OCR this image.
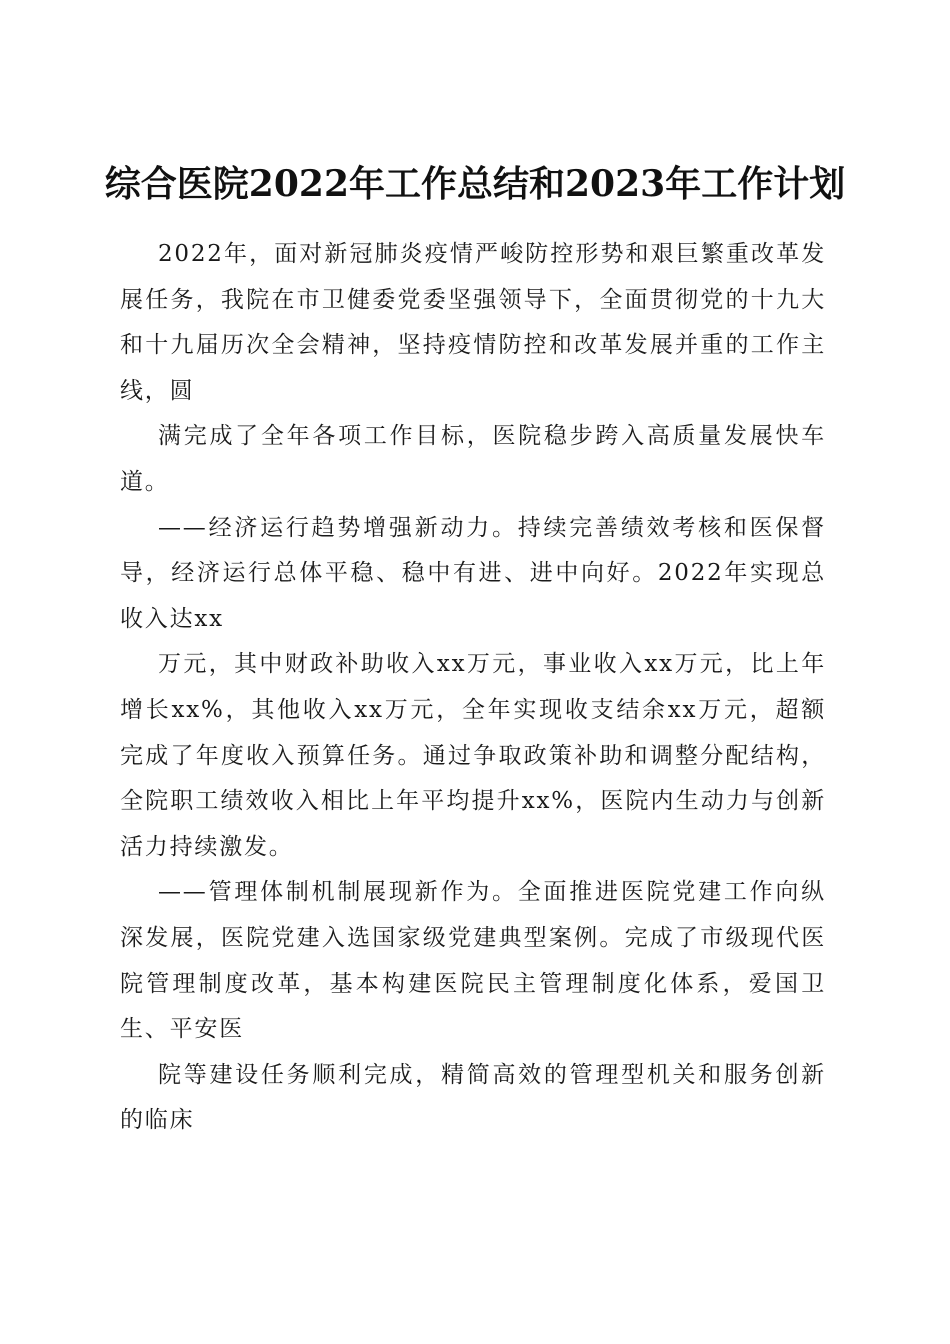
综合医院2022年工作总结和2023年工作计划

2022年，面对新冠肺炎疫情严峻防控形势和艰巨繁重改革发展任务，我院在市卫健委党委坚强领导下，全面贯彻党的十九大和十九届历次全会精神，坚持疫情防控和改革发展并重的工作主线，圆

满完成了全年各项工作目标，医院稳步跨入高质量发展快车道。

——经济运行趋势增强新动力。持续完善绩效考核和医保督导，经济运行总体平稳、稳中有进、进中向好。2022年实现总收入达xx

万元，其中财政补助收入xx万元，事业收入xx万元，比上年增长xx%，其他收入xx万元，全年实现收支结余xx万元，超额完成了年度收入预算任务。通过争取政策补助和调整分配结构，全院职工绩效收入相比上年平均提升xx%，医院内生动力与创新活力持续激发。

——管理体制机制展现新作为。全面推进医院党建工作向纵深发展，医院党建入选国家级党建典型案例。完成了市级现代医院管理制度改革，基本构建医院民主管理制度化体系，爱国卫生、平安医

院等建设任务顺利完成，精简高效的管理型机关和服务创新的临床
